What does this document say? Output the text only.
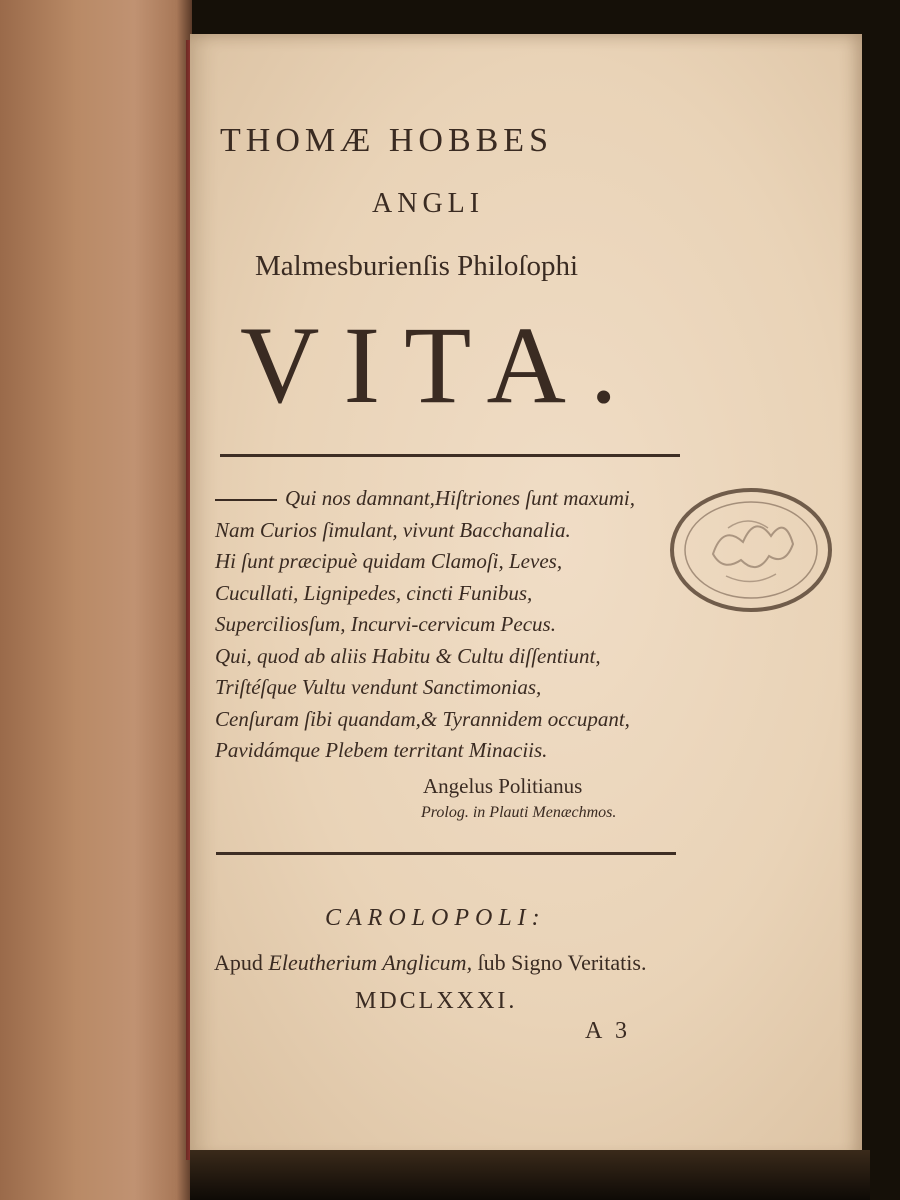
THOMÆ HOBBES
ANGLI
Malmesburienſis Philoſophi
VITA.
Qui nos damnant,Hiſtriones ſunt maxumi,
Nam Curios ſimulant, vivunt Bacchanalia.
Hi ſunt præcipuè quidam Clamoſi, Leves,
Cucullati, Lignipedes, cincti Funibus,
Superciliosſum, Incurvi-cervicum Pecus.
Qui, quod ab aliis Habitu & Cultu diſſentiunt,
Triſtéſque Vultu vendunt Sanctimonias,
Cenſuram ſibi quandam,& Tyrannidem occupant,
Pavidámque Plebem territant Minaciis.
Angelus Politianus
Prolog. in Plauti Menæchmos.
CAROLOPOLI:
Apud Eleutherium Anglicum, ſub Signo Veritatis.
MDCLXXXI.
A 3
